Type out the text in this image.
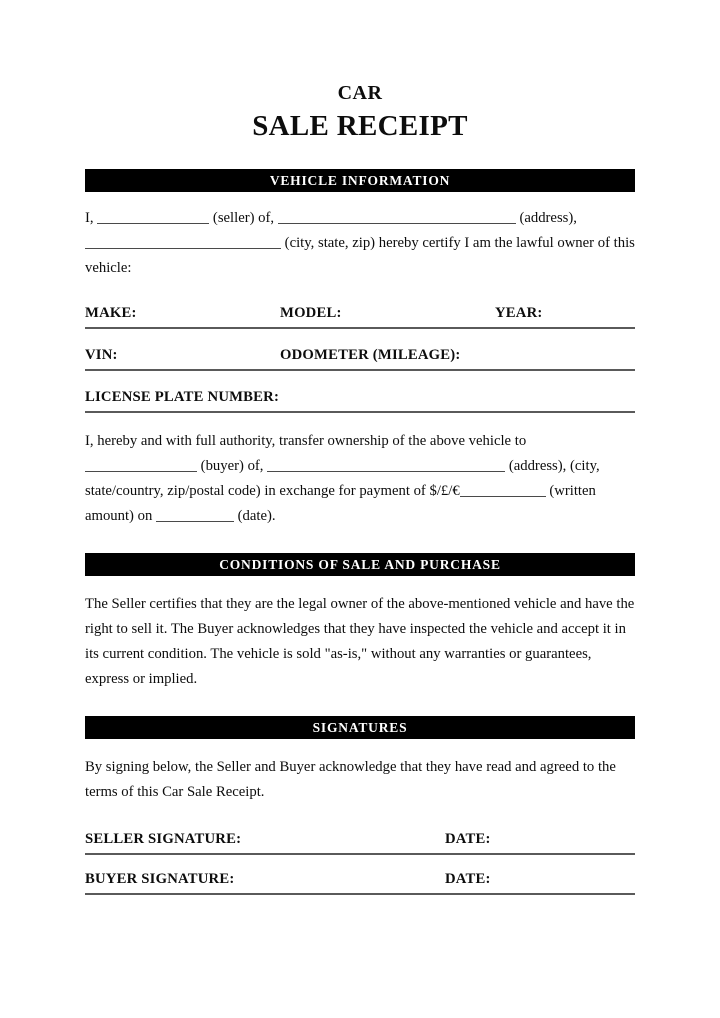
CAR
SALE RECEIPT
VEHICLE INFORMATION

I,	(seller) of,	(address),  (city, state, zip) hereby certify I am the lawful owner of this vehicle:

MAKE:	MODEL:	YEAR:
VIN:	ODOMETER (MILEAGE):
LICENSE PLATE NUMBER:

I, hereby and with full authority, transfer ownership of the above vehicle to  (buyer) of,	(address), (city, state/country, zip/postal code) in exchange for payment of $/£/€	(written amount) on	(date).

CONDITIONS OF SALE AND PURCHASE

The Seller certifies that they are the legal owner of the above-mentioned vehicle and have the right to sell it. The Buyer acknowledges that they have inspected the vehicle and accept it in its current condition. The vehicle is sold "as-is," without any warranties or guarantees, express or implied.

SIGNATURES

By signing below, the Seller and Buyer acknowledge that they have read and agreed to the terms of this Car Sale Receipt.

SELLER SIGNATURE:	DATE:
BUYER SIGNATURE:	DATE:
